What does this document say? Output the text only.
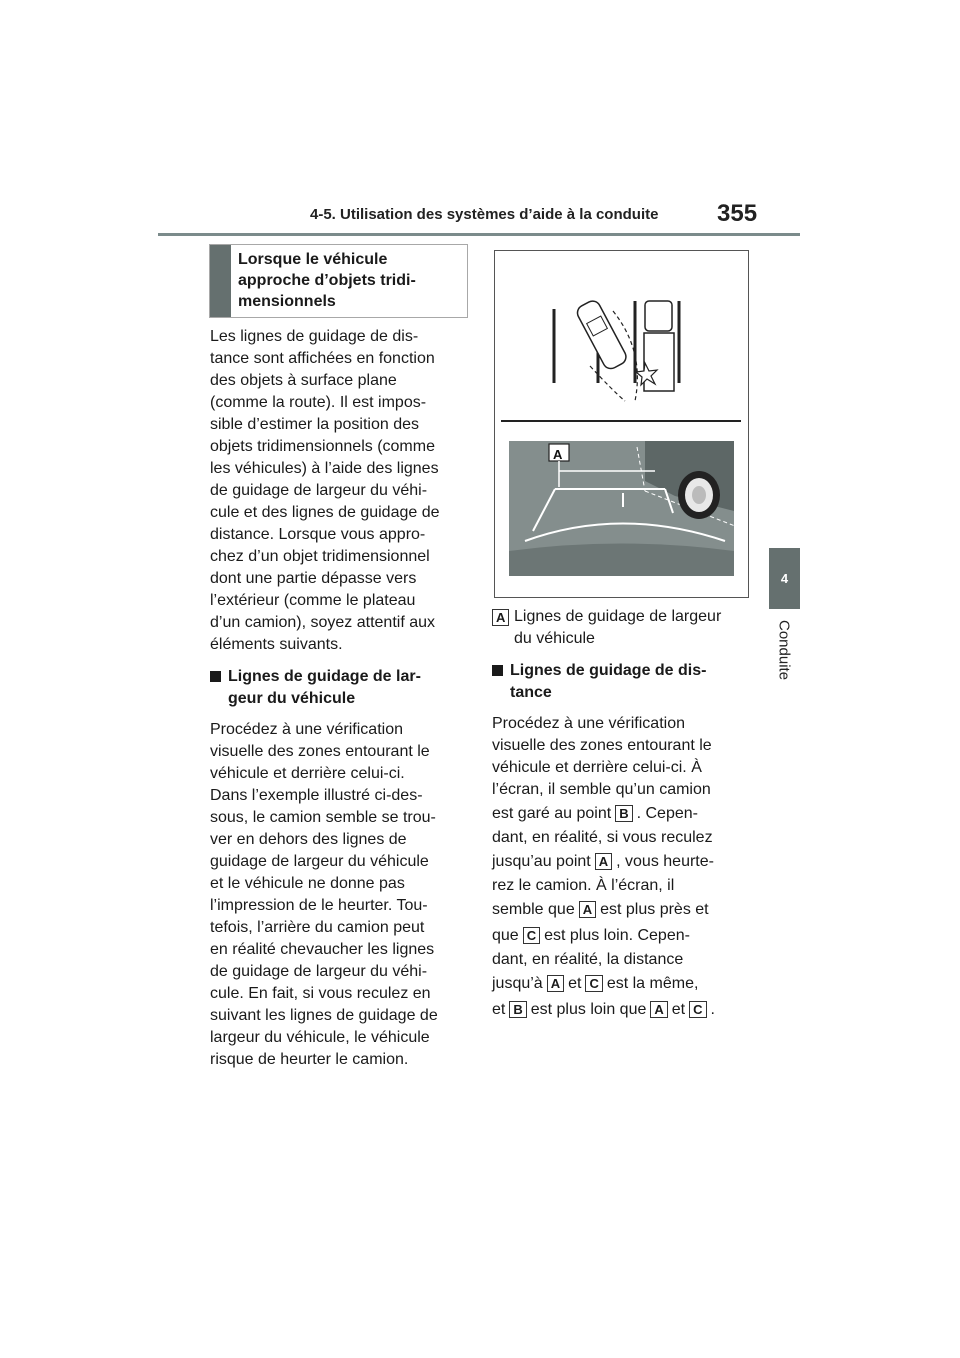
4-5. Utilisation des systèmes d’aide à la conduite 355
4
Conduite
Lorsque le véhicule
approche d’objets tridi-
mensionnels

Les lignes de guidage de dis-

tance sont affichées en fonction

des objets à surface plane

(comme la route). Il est impos-

sible d’estimer la position des

objets tridimensionnels (comme

les véhicules) à l’aide des lignes

de guidage de largeur du véhi-

cule et des lignes de guidage de

distance. Lorsque vous appro-

chez d’un objet tridimensionnel

dont une partie dépasse vers

l’extérieur (comme le plateau

d’un camion), soyez attentif aux

éléments suivants.

Lignes de guidage de lar-
geur du véhicule

Procédez à une vérification

visuelle des zones entourant le

véhicule et derrière celui-ci.

Dans l’exemple illustré ci-des-

sous, le camion semble se trou-

ver en dehors des lignes de

guidage de largeur du véhicule

et le véhicule ne donne pas

l’impression de le heurter. Tou-

tefois, l’arrière du camion peut

en réalité chevaucher les lignes

de guidage de largeur du véhi-

cule. En fait, si vous reculez en

suivant les lignes de guidage de

largeur du véhicule, le véhicule

risque de heurter le camion.

A
A Lignes de guidage de largeur

du véhicule

Lignes de guidage de dis-
tance

Procédez à une vérification

visuelle des zones entourant le

véhicule et derrière celui-ci. À

l’écran, il semble qu’un camion

est garé au point B . Cepen-

dant, en réalité, si vous reculez

jusqu’au point A , vous heurte-

rez le camion. À l’écran, il

semble que A est plus près et

que C est plus loin. Cepen-

dant, en réalité, la distance

jusqu’à A et C est la même,

et B est plus loin que A et C .
